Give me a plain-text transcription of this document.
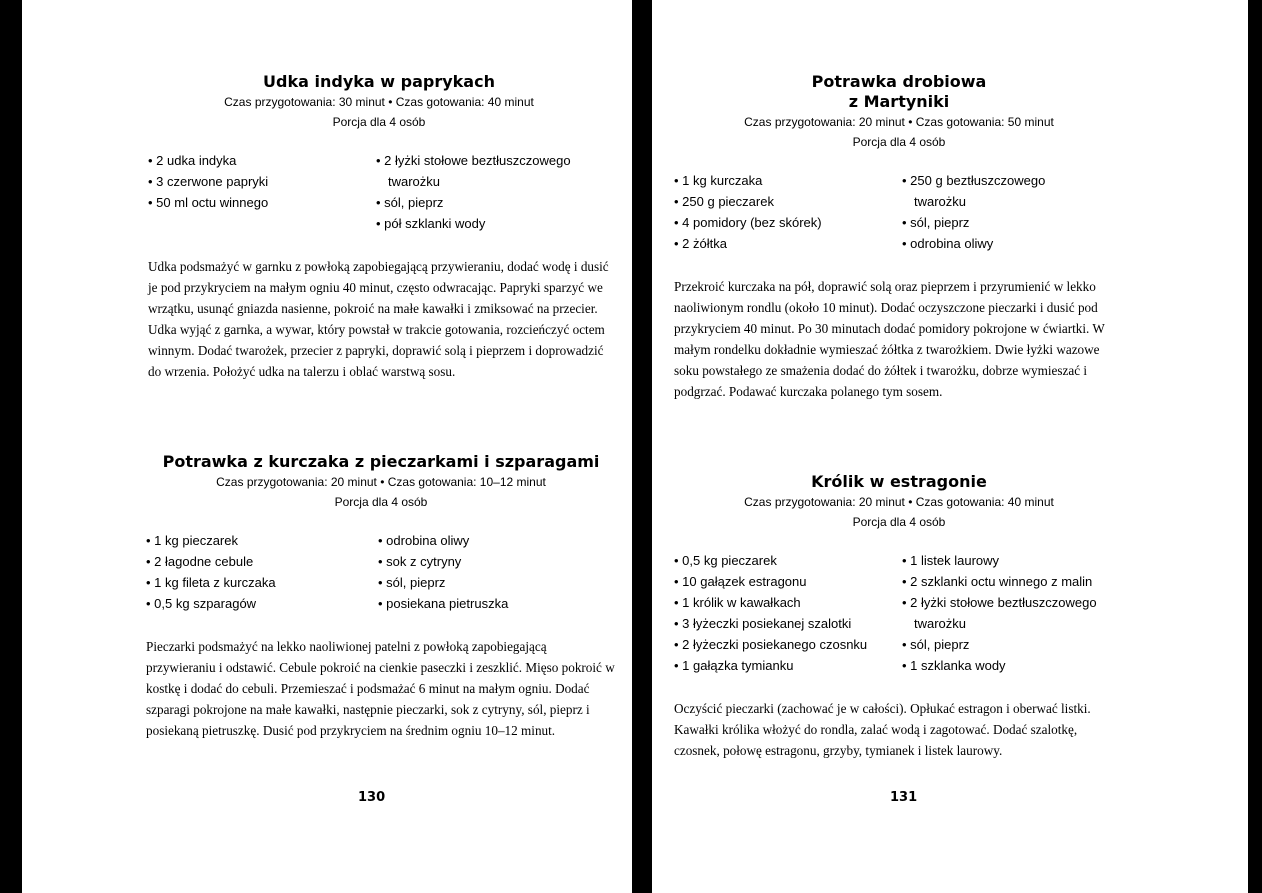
Udka indyka w paprykach

Czas przygotowania: 30 minut • Czas gotowania: 40 minut

Porcja dla 4 osób

• 2 udka indyka
• 3 czerwone papryki
• 50 ml octu winnego
• 2 łyżki stołowe beztłuszczowego twarożku
• sól, pieprz
• pół szklanki wody

Udka podsmażyć w garnku z powłoką zapobiegającą przywieraniu, dodać wodę i dusić je pod przykryciem na małym ogniu 40 minut, często odwracając. Papryki sparzyć we wrzątku, usunąć gniazda nasienne, pokroić na małe kawałki i zmiksować na przecier. Udka wyjąć z garnka, a wywar, który powstał w trakcie gotowania, rozcieńczyć octem winnym. Dodać twarożek, przecier z papryki, doprawić solą i pieprzem i doprowadzić do wrzenia. Położyć udka na talerzu i oblać warstwą sosu.

Potrawka z kurczaka z pieczarkami i szparagami

Czas przygotowania: 20 minut • Czas gotowania: 10–12 minut

Porcja dla 4 osób

• 1 kg pieczarek
• 2 łagodne cebule
• 1 kg fileta z kurczaka
• 0,5 kg szparagów
• odrobina oliwy
• sok z cytryny
• sól, pieprz
• posiekana pietruszka

Pieczarki podsmażyć na lekko naoliwionej patelni z powłoką zapobiegającą przywieraniu i odstawić. Cebule pokroić na cienkie paseczki i zeszklić. Mięso pokroić w kostkę i dodać do cebuli. Przemieszać i podsmażać 6 minut na małym ogniu. Dodać szparagi pokrojone na małe kawałki, następnie pieczarki, sok z cytryny, sól, pieprz i posiekaną pietruszkę. Dusić pod przykryciem na średnim ogniu 10–12 minut.

130
Potrawka drobiowa
z Martyniki

Czas przygotowania: 20 minut • Czas gotowania: 50 minut

Porcja dla 4 osób

• 1 kg kurczaka
• 250 g pieczarek
• 4 pomidory (bez skórek)
• 2 żółtka
• 250 g beztłuszczowego twarożku
• sól, pieprz
• odrobina oliwy

Przekroić kurczaka na pół, doprawić solą oraz pieprzem i przyrumienić w lekko naoliwionym rondlu (około 10 minut). Dodać oczyszczone pieczarki i dusić pod przykryciem 40 minut. Po 30 minutach dodać pomidory pokrojone w ćwiartki. W małym rondelku dokładnie wymieszać żółtka z twarożkiem. Dwie łyżki wazowe soku powstałego ze smażenia dodać do żółtek i twarożku, dobrze wymieszać i podgrzać. Podawać kurczaka polanego tym sosem.

Królik w estragonie

Czas przygotowania: 20 minut • Czas gotowania: 40 minut

Porcja dla 4 osób

• 0,5 kg pieczarek
• 10 gałązek estragonu
• 1 królik w kawałkach
• 3 łyżeczki posiekanej szalotki
• 2 łyżeczki posiekanego czosnku
• 1 gałązka tymianku
• 1 listek laurowy
• 2 szklanki octu winnego z malin
• 2 łyżki stołowe beztłuszczowego twarożku
• sól, pieprz
• 1 szklanka wody

Oczyścić pieczarki (zachować je w całości). Opłukać estragon i oberwać listki. Kawałki królika włożyć do rondla, zalać wodą i zagotować. Dodać szalotkę, czosnek, połowę estragonu, grzyby, tymianek i listek laurowy.

131
